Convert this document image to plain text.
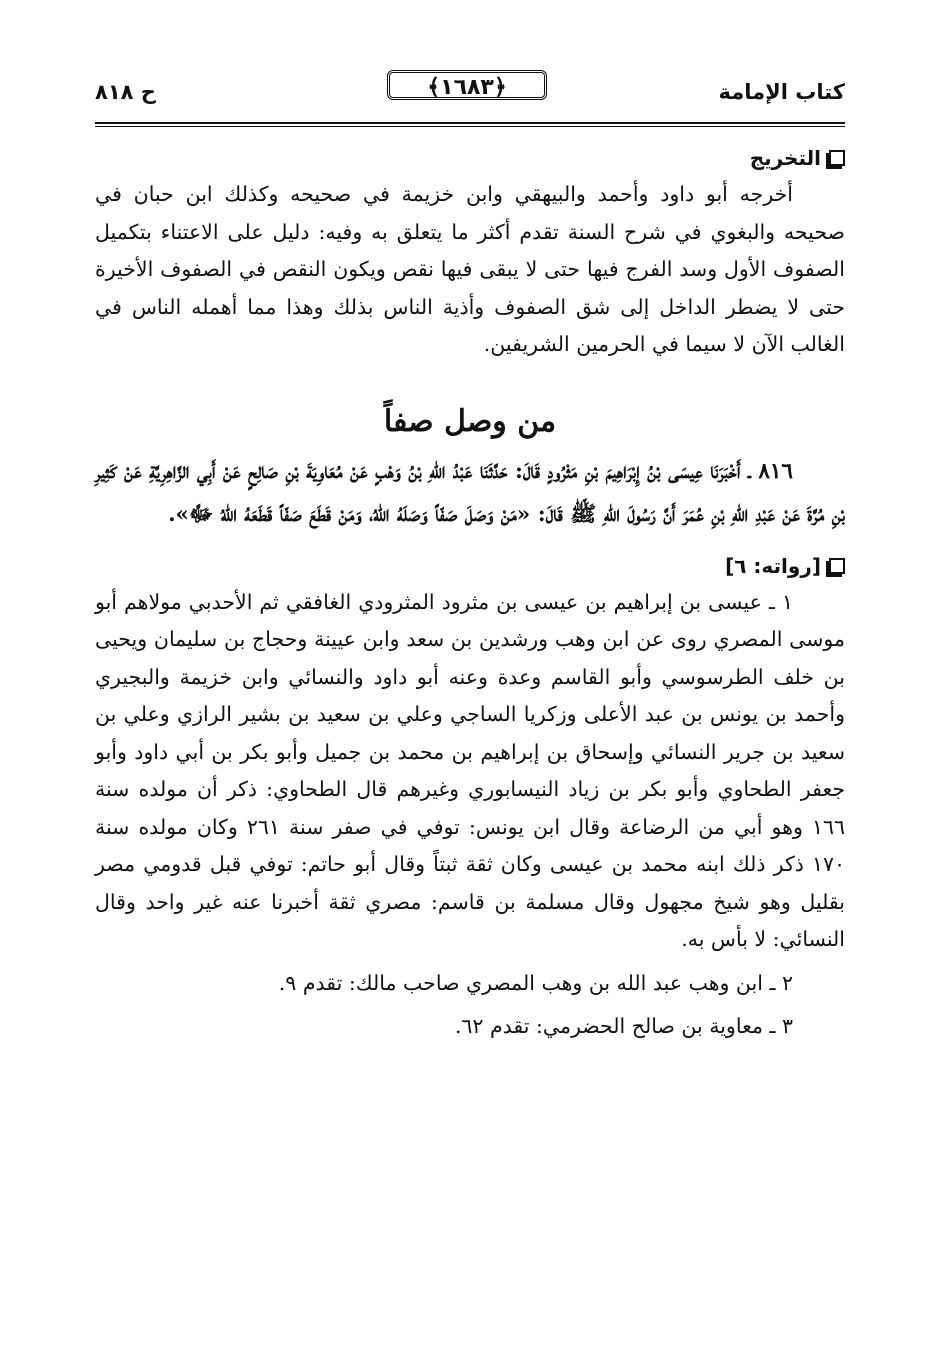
كتاب الإمامة
﴿١٦٨٣﴾
ح ٨١٨
التخريج

أخرجه أبو داود وأحمد والبيهقي وابن خزيمة في صحيحه وكذلك ابن حبان في صحيحه والبغوي في شرح السنة تقدم أكثر ما يتعلق به وفيه: دليل على الاعتناء بتكميل الصفوف الأول وسد الفرج فيها حتى لا يبقى فيها نقص ويكون النقص في الصفوف الأخيرة حتى لا يضطر الداخل إلى شق الصفوف وأذية الناس بذلك وهذا مما أهمله الناس في الغالب الآن لا سيما في الحرمين الشريفين.

من وصل صفاً
٨١٦ ـ أَخْبَرَنَا عِيسَى بْنُ إِبْرَاهِيمَ بْنِ مَثْرُودٍ قَالَ: حَدَّثَنَا عَبْدُ اللهِ بْنُ وَهْبٍ عَنْ مُعَاوِيَةَ بْنِ صَالِحٍ عَنْ أَبِي الزَّاهِرِيَّةِ عَنْ كَثِيرِ بْنِ مُرَّةَ عَنْ عَبْدِ اللهِ بْنِ عُمَرَ أَنَّ رَسُولَ اللهِ ﷺ قَالَ: «مَنْ وَصَلَ صَفّاً وَصَلَهُ اللهُ، وَمَنْ قَطَعَ صَفّاً قَطَعَهُ اللهُ ﷻ».
[رواته: ٦]

١ ـ عيسى بن إبراهيم بن عيسى بن مثرود المثرودي الغافقي ثم الأحدبي مولاهم أبو موسى المصري روى عن ابن وهب ورشدين بن سعد وابن عيينة وحجاج بن سليمان ويحيى بن خلف الطرسوسي وأبو القاسم وعدة وعنه أبو داود والنسائي وابن خزيمة والبجيري وأحمد بن يونس بن عبد الأعلى وزكريا الساجي وعلي بن سعيد بن بشير الرازي وعلي بن سعيد بن جرير النسائي وإسحاق بن إبراهيم بن محمد بن جميل وأبو بكر بن أبي داود وأبو جعفر الطحاوي وأبو بكر بن زياد النيسابوري وغيرهم قال الطحاوي: ذكر أن مولده سنة ١٦٦ وهو أبي من الرضاعة وقال ابن يونس: توفي في صفر سنة ٢٦١ وكان مولده سنة ١٧٠ ذكر ذلك ابنه محمد بن عيسى وكان ثقة ثبتاً وقال أبو حاتم: توفي قبل قدومي مصر بقليل وهو شيخ مجهول وقال مسلمة بن قاسم: مصري ثقة أخبرنا عنه غير واحد وقال النسائي: لا بأس به.

٢ ـ ابن وهب عبد الله بن وهب المصري صاحب مالك: تقدم ٩.

٣ ـ معاوية بن صالح الحضرمي: تقدم ٦٢.
